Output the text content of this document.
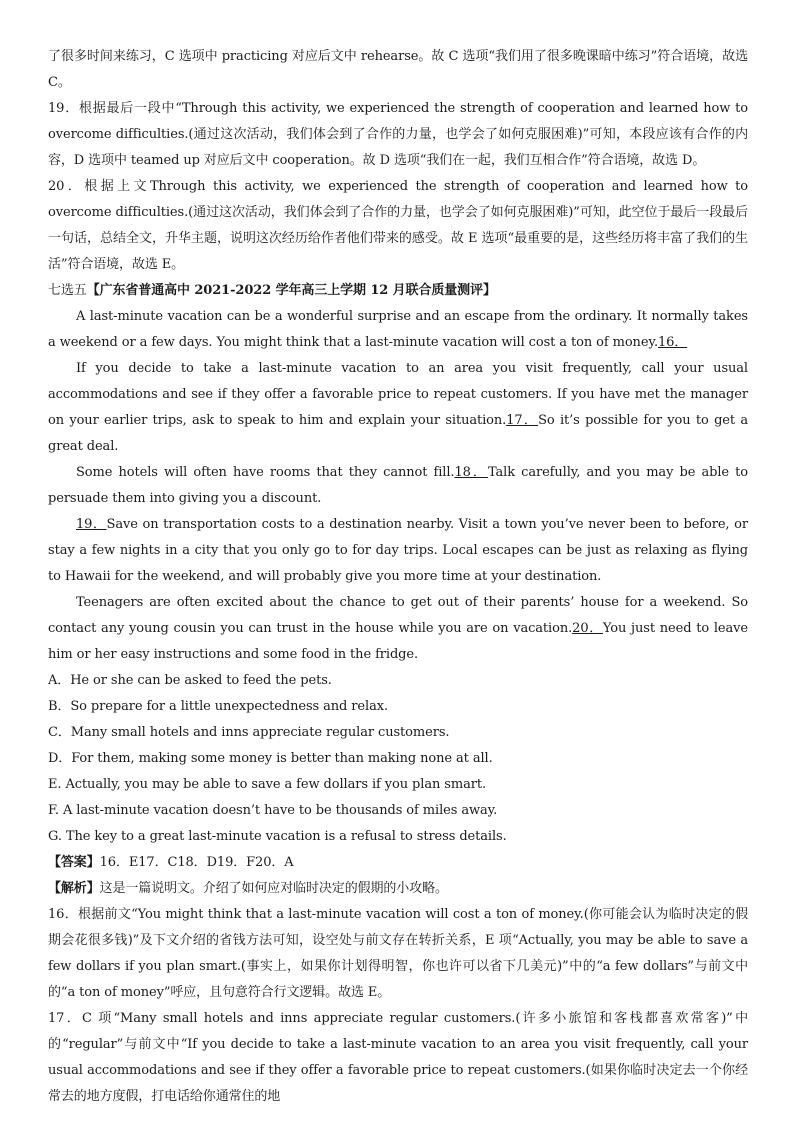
了很多时间来练习，C 选项中 practicing 对应后文中 rehearse。故 C 选项“我们用了很多晚课暗中练习”符合语境，故选 C。

19．根据最后一段中“Through this activity, we experienced the strength of cooperation and learned how to overcome difficulties.(通过这次活动，我们体会到了合作的力量，也学会了如何克服困难)”可知，本段应该有合作的内容，D 选项中 teamed up 对应后文中 cooperation。故 D 选项“我们在一起，我们互相合作”符合语境，故选 D。

20．根据上文Through this activity, we experienced the strength of cooperation and learned how to overcome difficulties.(通过这次活动，我们体会到了合作的力量，也学会了如何克服困难)”可知，此空位于最后一段最后一句话，总结全文，升华主题，说明这次经历给作者他们带来的感受。故 E 选项“最重要的是，这些经历将丰富了我们的生活”符合语境，故选 E。

七选五【广东省普通高中 2021-2022 学年高三上学期 12 月联合质量测评】

A last-minute vacation can be a wonderful surprise and an escape from the ordinary. It normally takes a weekend or a few days. You might think that a last-minute vacation will cost a ton of money.16．

If you decide to take a last-minute vacation to an area you visit frequently, call your usual accommodations and see if they offer a favorable price to repeat customers. If you have met the manager on your earlier trips, ask to speak to him and explain your situation.17．So it’s possible for you to get a great deal.

Some hotels will often have rooms that they cannot fill.18．Talk carefully, and you may be able to persuade them into giving you a discount.

19．Save on transportation costs to a destination nearby. Visit a town you’ve never been to before, or stay a few nights in a city that you only go to for day trips. Local escapes can be just as relaxing as flying to Hawaii for the weekend, and will probably give you more time at your destination.

Teenagers are often excited about the chance to get out of their parents’ house for a weekend. So contact any young cousin you can trust in the house while you are on vacation.20．You just need to leave him or her easy instructions and some food in the fridge.

A．He or she can be asked to feed the pets.

B．So prepare for a little unexpectedness and relax.

C．Many small hotels and inns appreciate regular customers.

D．For them, making some money is better than making none at all.

E. Actually, you may be able to save a few dollars if you plan smart.

F. A last-minute vacation doesn’t have to be thousands of miles away.

G. The key to a great last-minute vacation is a refusal to stress details.

【答案】16．E17．C18．D19．F20．A

【解析】这是一篇说明文。介绍了如何应对临时决定的假期的小攻略。

16．根据前文“You might think that a last-minute vacation will cost a ton of money.(你可能会认为临时决定的假期会花很多钱)”及下文介绍的省钱方法可知，设空处与前文存在转折关系，E 项“Actually, you may be able to save a few dollars if you plan smart.(事实上，如果你计划得明智，你也许可以省下几美元)”中的“a few dollars”与前文中的“a ton of money”呼应，且句意符合行文逻辑。故选 E。

17．C 项“Many small hotels and inns appreciate regular customers.(许多小旅馆和客栈都喜欢常客)”中的“regular”与前文中“If you decide to take a last-minute vacation to an area you visit frequently, call your usual accommodations and see if they offer a favorable price to repeat customers.(如果你临时决定去一个你经常去的地方度假，打电话给你通常住的地
